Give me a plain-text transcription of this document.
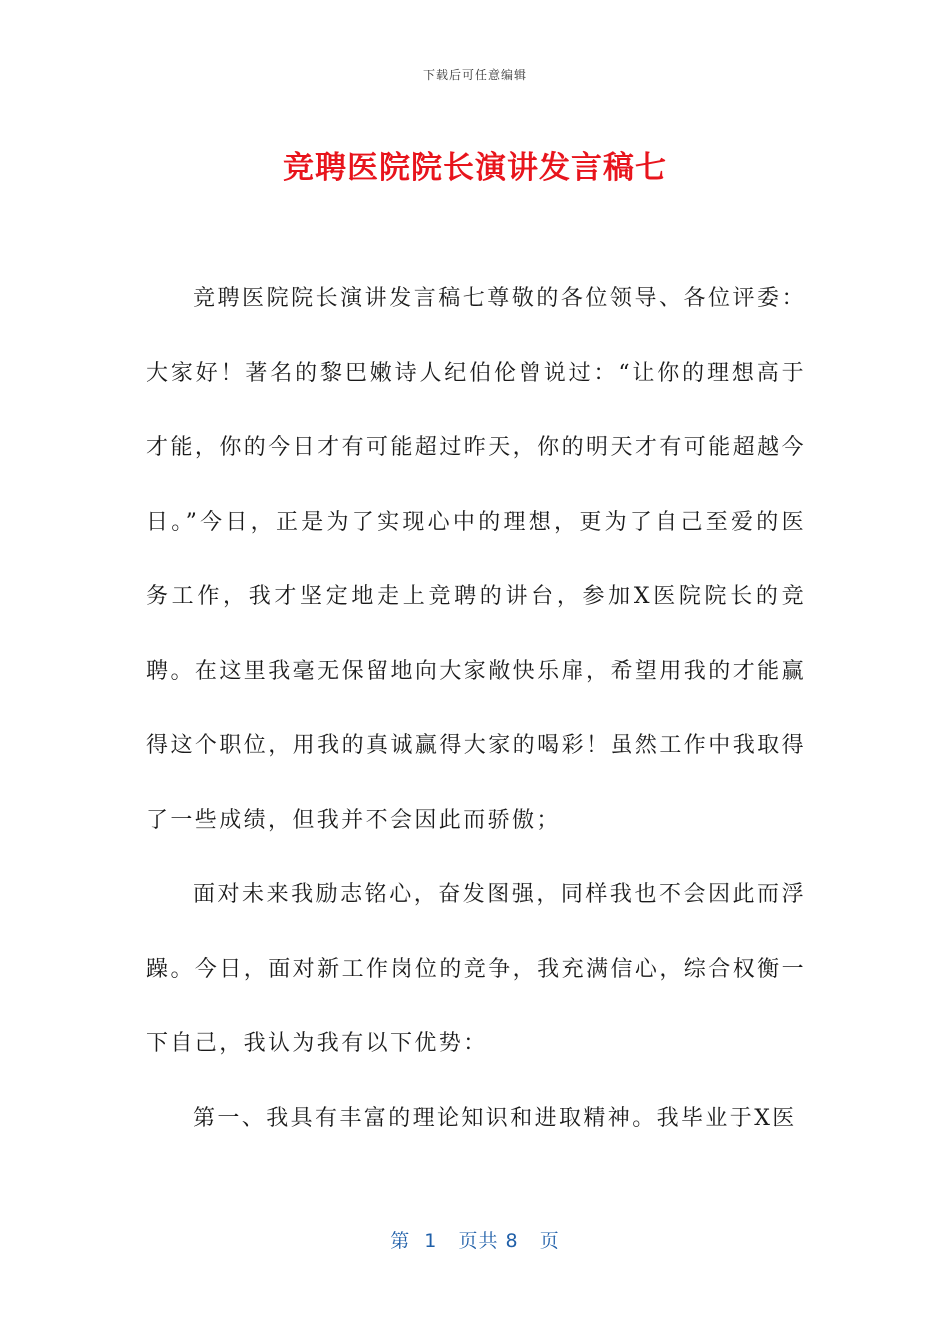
下载后可任意编辑
竞聘医院院长演讲发言稿七

竞聘医院院长演讲发言稿七尊敬的各位领导、各位评委：大家好！著名的黎巴嫩诗人纪伯伦曾说过：“让你的理想高于才能，你的今日才有可能超过昨天，你的明天才有可能超越今日。”今日，正是为了实现心中的理想，更为了自己至爱的医务工作，我才坚定地走上竞聘的讲台，参加X医院院长的竞聘。在这里我毫无保留地向大家敞快乐扉，希望用我的才能赢得这个职位，用我的真诚赢得大家的喝彩！虽然工作中我取得了一些成绩，但我并不会因此而骄傲；

面对未来我励志铭心，奋发图强，同样我也不会因此而浮躁。今日，面对新工作岗位的竞争，我充满信心，综合权衡一下自己，我认为我有以下优势：

第一、我具有丰富的理论知识和进取精神。我毕业于X医

第  1   页共 8   页
